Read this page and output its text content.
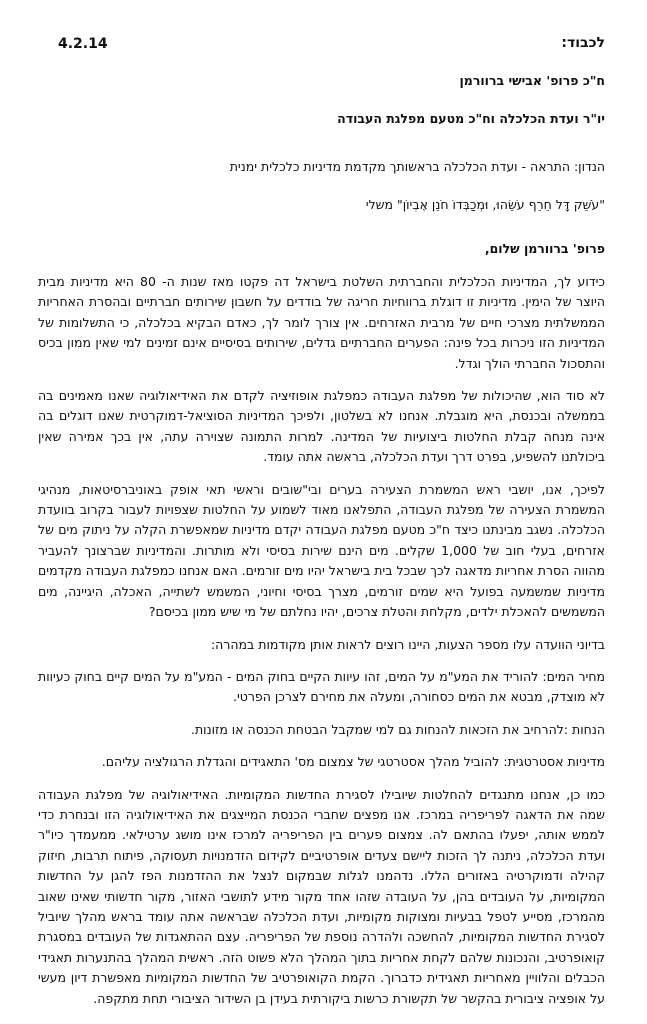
4.2.14	לכבוד:

ח"כ פרופ' אבישי ברוורמן

יו"ר ועדת הכלכלה וח"כ מטעם מפלגת העבודה

הנדון: התראה - ועדת הכלכלה בראשותך מקדמת מדיניות כלכלית ימנית

"עֹשֵׁק דָּל חֵרֵף עֹשֵׂהוּ, וּמְכַבְּדוֹ חֹנֵן אֶבְיוֹן" משלי

פרופ' ברוורמן שלום,

כידוע לך, המדיניות הכלכלית והחברתית השלטת בישראל דה פקטו מאז שנות ה- 80 היא מדיניות מבית היוצר של הימין. מדיניות זו דוגלת ברווחיות חריגה של בודדים על חשבון שירותים חברתיים ובהסרת האחריות הממשלתית מצרכי חיים של מרבית האזרחים. אין צורך לומר לך, כאדם הבקיא בכלכלה, כי התשלומות של המדיניות הזו ניכרות בכל פינה: הפערים החברתיים גדלים, שירותים בסיסיים אינם זמינים למי שאין ממון בכיס והתסכול החברתי הולך וגדל.

לא סוד הוא, שהיכולות של מפלגת העבודה כמפלגת אופוזיציה לקדם את האידיאולוגיה שאנו מאמינים בה בממשלה ובכנסת, היא מוגבלת. אנחנו לא בשלטון, ולפיכך המדיניות הסוציאל-דמוקרטית שאנו דוגלים בה אינה מנחה קבלת החלטות ביצועיות של המדינה. למרות התמונה שצוירה עתה, אין בכך אמירה שאין ביכולתנו להשפיע, בפרט דרך ועדת הכלכלה, בראשה אתה עומד.

לפיכך, אנו, יושבי ראש המשמרת הצעירה בערים ובי"שובים וראשי תאי אופק באוניברסיטאות, מנהיגי המשמרת הצעירה של מפלגת העבודה, התפלאנו מאוד לשמוע על החלטות שצפויות לעבור בקרוב בוועדת הכלכלה. נשגב מבינתנו כיצד ח"כ מטעם מפלגת העבודה יקדם מדיניות שמאפשרת הקלה על ניתוק מים של אזרחים, בעלי חוב של 1,000 שקלים. מים הינם שירות בסיסי ולא מותרות. והמדיניות שברצונך להעביר מהווה הסרת אחריות מדאגה לכך שבכל בית בישראל יהיו מים זורמים. האם אנחנו כמפלגת העבודה מקדמים מדיניות שמשמעה בפועל היא שמים זורמים, מצרך בסיסי וחיוני, המשמש לשתייה, האכלה, היגיינה, מים המשמשים להאכלת ילדים, מקלחת והטלת צרכים, יהיו נחלתם של מי שיש ממון בכיסם?

בדיוני הוועדה עלו מספר הצעות, היינו רוצים לראות אותן מקודמות במהרה:

מחיר המים: להוריד את המע"מ על המים, זהו עיוות הקיים בחוק המים - המע"מ על המים קיים בחוק כעיוות לא מוצדק, מבטא את המים כסחורה, ומעלה את מחירם לצרכן הפרטי.

הנחות :להרחיב את הזכאות להנחות גם למי שמקבל הבטחת הכנסה או מזונות.

מדיניות אסטרטגית: להוביל מהלך אסטרטגי של צמצום מס' התאגידים והגדלת הרגולציה עליהם.

כמו כן, אנחנו מתנגדים להחלטות שיובילו לסגירת החדשות המקומיות. האידיאולוגיה של מפלגת העבודה שמה את הדאגה לפריפריה במרכז. אנו מפצים שחברי הכנסת המייצגים את האידיאולוגיה הזו ובנחרת כדי לממש אותה, יפעלו בהתאם לה. צמצום פערים בין הפריפריה למרכז אינו מושג ערטילאי. ממעמדך כיו"ר ועדת הכלכלה, ניתנה לך הזכות ליישם צעדים אופרטיביים לקידום הזדמנויות תעסוקה, פיתוח תרבות, חיזוק קהילה ודמוקרטיה באזורים הללו. נדהמנו לגלות שבמקום לנצל את ההזדמנות הפז להגן על החדשות המקומיות, על העובדים בהן, על העובדה שזהו אחד מקור מידע לתושבי האזור, מקור חדשותי שאינו שאוב מהמרכז, מסייע לטפל בבעיות ומצוקות מקומיות, ועדת הכלכלה שבראשה אתה עומד בראש מהלך שיוביל לסגירת החדשות המקומיות, להחשכה ולהדרה נוספת של הפריפריה. עצם ההתאגדות של העובדים במסגרת קואופרטיב, והנכונות שלהם לקחת אחריות בתוך המהלך הלא פשוט הזה. ראשית המהלך בהתנערות תאגידי הכבלים והלוויין מאחריות תאגידית כדברוך. הקמת הקואופרטיב של החדשות המקומיות מאפשרת דיון מעשי על אופציה ציבורית בהקשר של תקשורת כרשות ביקורתית בעידן בן השידור הציבורי תחת מתקפה.
